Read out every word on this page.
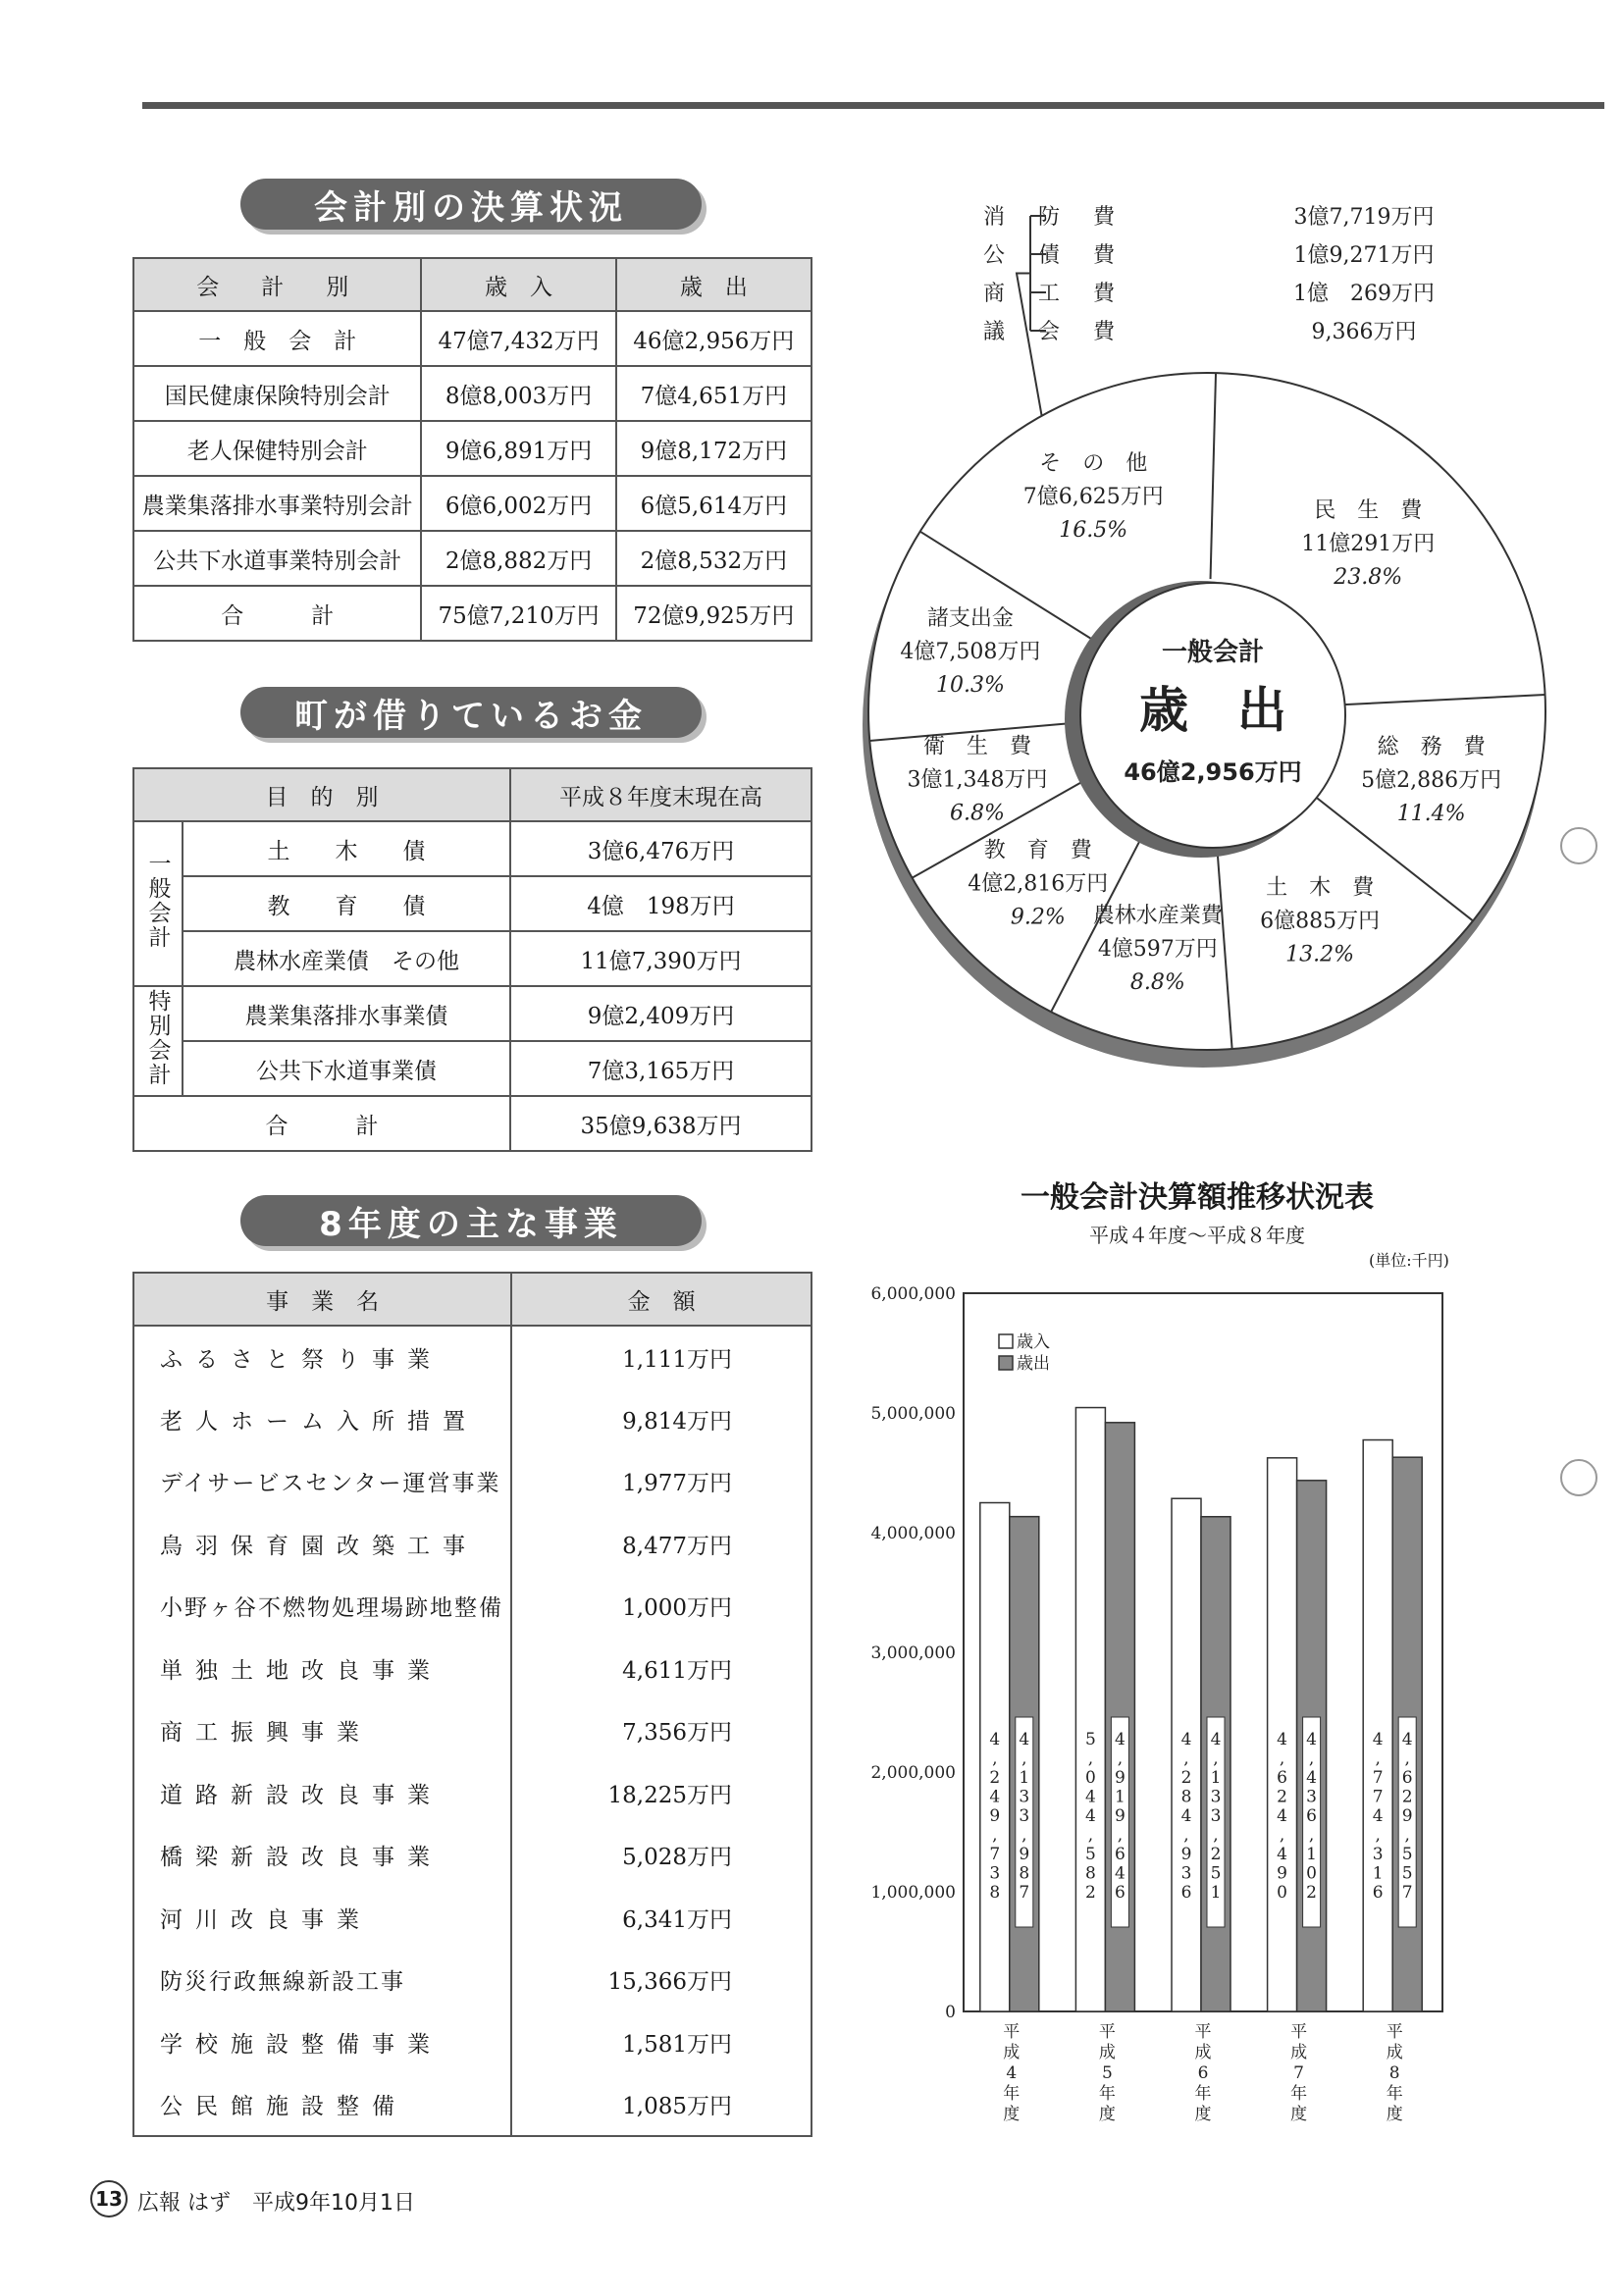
会計別の決算状況
会　計　別	歳　入	歳　出
一　般　会　計	47億7,432万円	46億2,956万円
国民健康保険特別会計	8億8,003万円	7億4,651万円
老人保健特別会計	9億6,891万円	9億8,172万円
農業集落排水事業特別会計	6億6,002万円	6億5,614万円
公共下水道事業特別会計	2億8,882万円	2億8,532万円
合　　　計	75億7,210万円	72億9,925万円
町が借りているお金
目　的　別		平成８年度末現在高
一般会計	土　　木　　債	3億6,476万円
	教　　育　　債	4億　198万円
	農林水産業債　その他	11億7,390万円
特別会計	農業集落排水事業債	9億2,409万円
	公共下水道事業債	7億3,165万円
合　　　計		35億9,638万円
8年度の主な事業
事　業　名	金　額
ふるさと祭り事業	1,111万円
老人ホーム入所措置	9,814万円
デイサービスセンター運営事業	1,977万円
鳥羽保育園改築工事	8,477万円
小野ヶ谷不燃物処理場跡地整備	1,000万円
単独土地改良事業	4,611万円
商工振興事業	7,356万円
道路新設改良事業	18,225万円
橋梁新設改良事業	5,028万円
河川改良事業	6,341万円
防災行政無線新設工事	15,366万円
学校施設整備事業	1,581万円
公民館施設整備	1,085万円
消　防　費	3億7,719万円
公　債　費	1億9,271万円
商　工　費	1億　269万円
議　会　費	9,366万円
一般会計
歳　出
46億2,956万円
民　生　費
11億291万円
23.8%
総　務　費
5億2,886万円
11.4%
土　木　費
6億885万円
13.2%
農林水産業費
4億597万円
8.8%
教　育　費
4億2,816万円
9.2%
衛　生　費
3億1,348万円
6.8%
諸支出金
4億7,508万円
10.3%
そ　の　他
7億6,625万円
16.5%
一般会計決算額推移状況表
平成４年度～平成８年度
(単位:千円)
0
1,000,000
2,000,000
3,000,000
4,000,000
5,000,000
6,000,000
4
,
2
4
9
,
7
3
8
4
,
1
3
3
,
9
8
7
平
成
4
年
度
5
,
0
4
4
,
5
8
2
4
,
9
1
9
,
6
4
6
平
成
5
年
度
4
,
2
8
4
,
9
3
6
4
,
1
3
3
,
2
5
1
平
成
6
年
度
4
,
6
2
4
,
4
9
0
4
,
4
3
6
,
1
0
2
平
成
7
年
度
4
,
7
7
4
,
3
1
6
4
,
6
2
9
,
5
5
7
平
成
8
年
度
歳入
歳出
13 広報 はず　平成9年10月1日
